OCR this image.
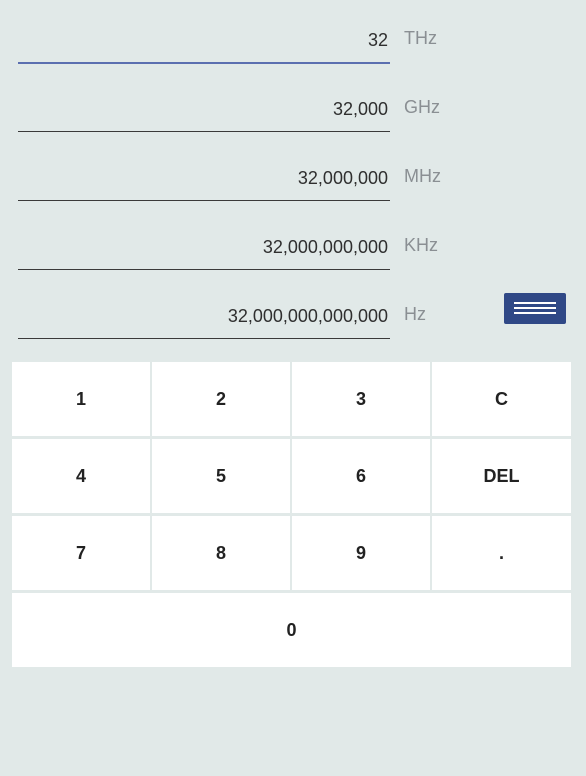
32 THz
32,000 GHz
32,000,000 MHz
32,000,000,000 KHz
32,000,000,000,000 Hz
1	2	3	C
4	5	6	DEL
7	8	9	.
0
